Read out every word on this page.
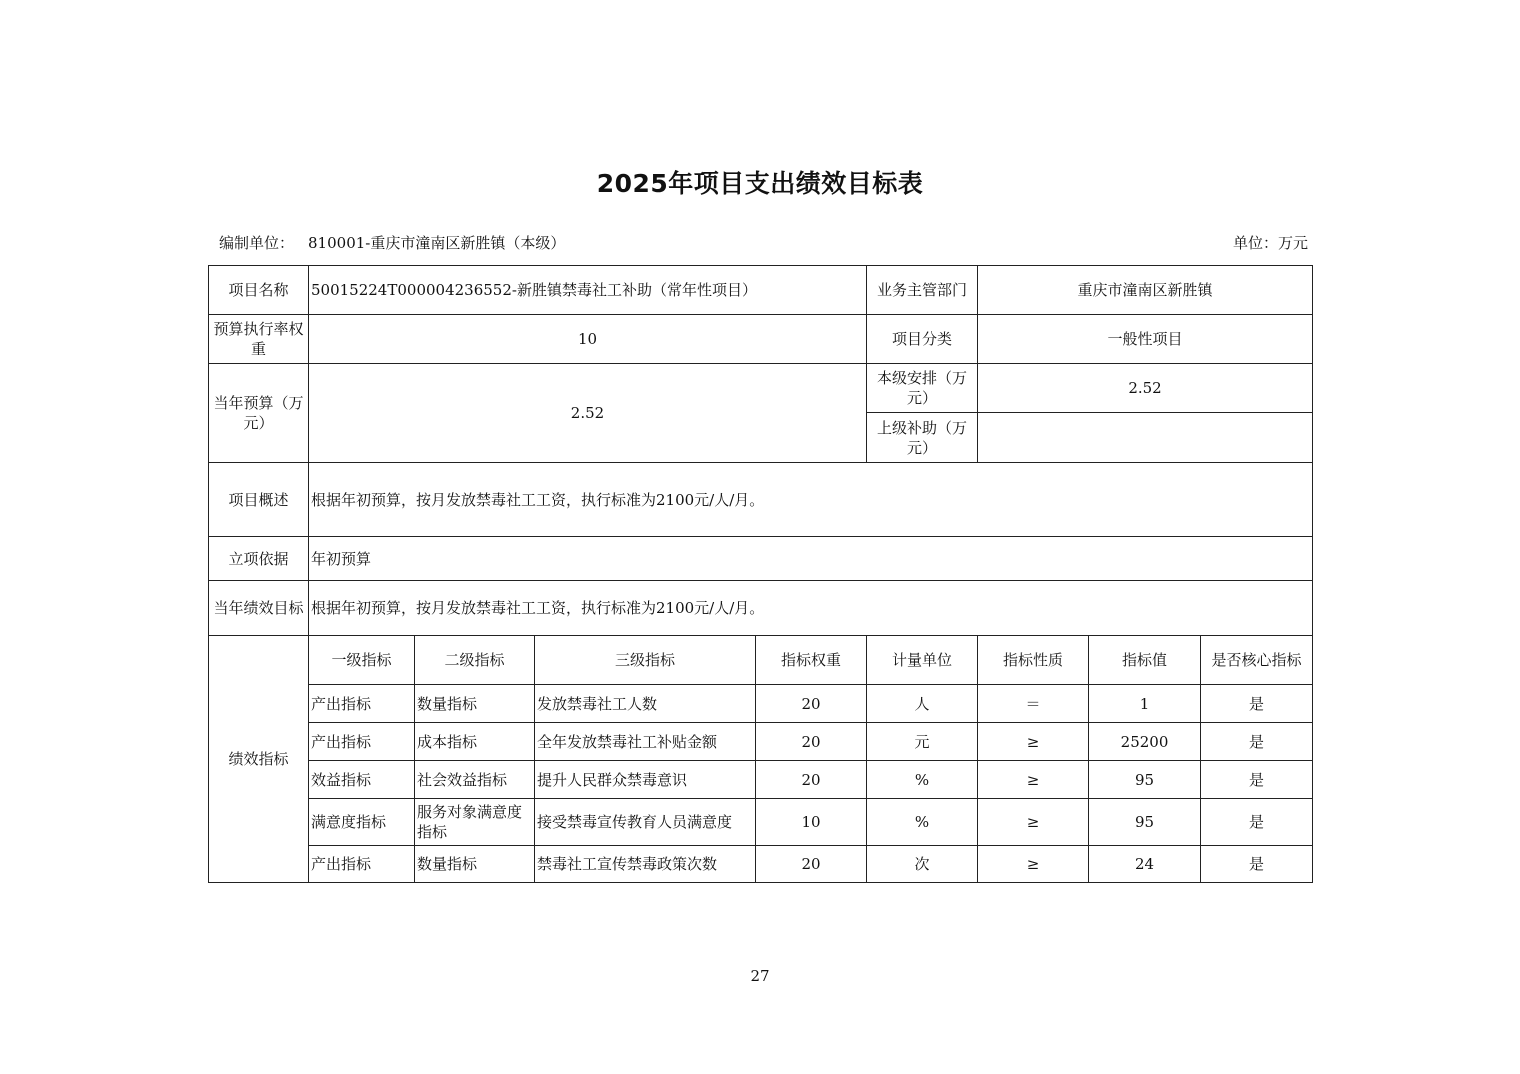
2025年项目支出绩效目标表
编制单位： 810001-重庆市潼南区新胜镇（本级）	单位：万元
项目名称	50015224T000004236552-新胜镇禁毒社工补助（常年性项目）				业务主管部门	重庆市潼南区新胜镇		
预算执行率权重	10				项目分类	一般性项目		
当年预算（万元）	2.52				本级安排（万元）	2.52		
					上级补助（万元）			
项目概述	根据年初预算，按月发放禁毒社工工资，执行标准为2100元/人/月。							
立项依据	年初预算							
当年绩效目标	根据年初预算，按月发放禁毒社工工资，执行标准为2100元/人/月。							
绩效指标	一级指标	二级指标	三级指标	指标权重	计量单位	指标性质	指标值	是否核心指标
	产出指标	数量指标	发放禁毒社工人数	20	人	＝	1	是
	产出指标	成本指标	全年发放禁毒社工补贴金额	20	元	≥	25200	是
	效益指标	社会效益指标	提升人民群众禁毒意识	20	%	≥	95	是
	满意度指标	服务对象满意度指标	接受禁毒宣传教育人员满意度	10	%	≥	95	是
	产出指标	数量指标	禁毒社工宣传禁毒政策次数	20	次	≥	24	是
27
